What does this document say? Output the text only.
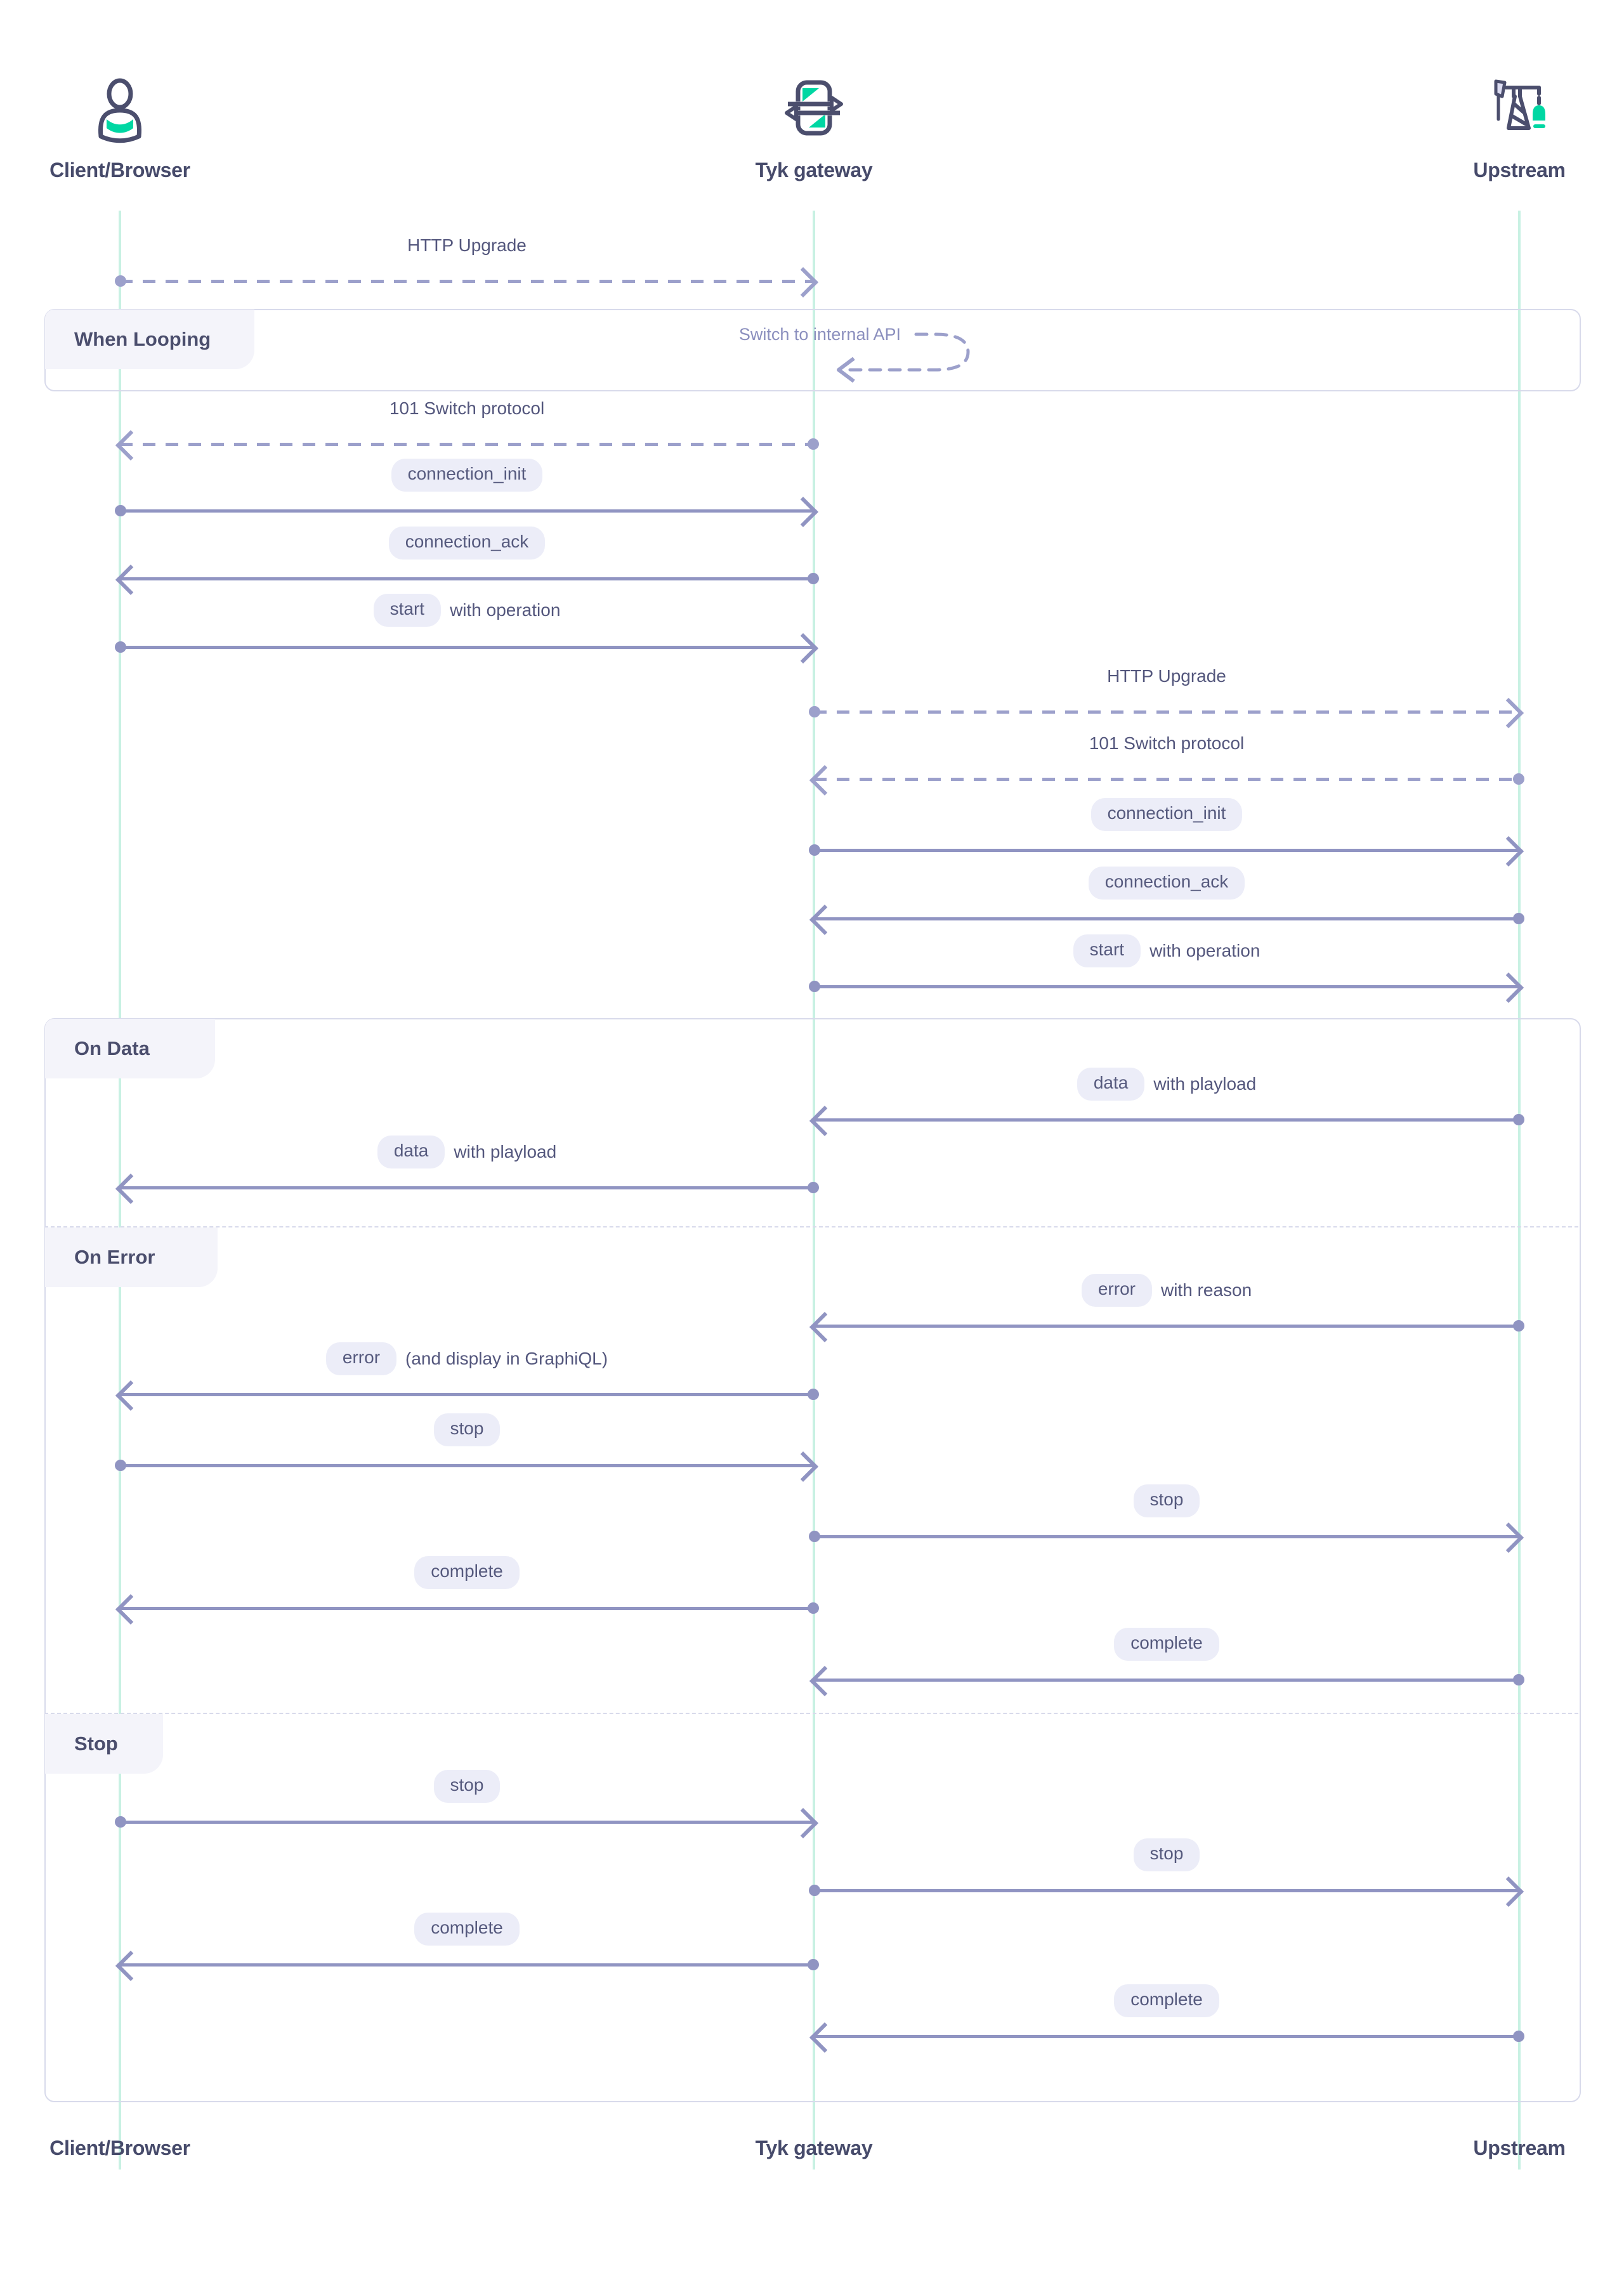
Client/Browser	Tyk gateway	Upstream
When Looping	Switch to internal API
On Data
On Error
Stop
HTTP Upgrade
101 Switch protocol
connection_init
connection_ack
start	with operation
HTTP Upgrade
101 Switch protocol
connection_init
connection_ack
start	with operation
data	with playload
data	with playload
error	with reason
error	(and display in GraphiQL)
stop
stop
complete
complete
stop
stop
complete
complete
Client/Browser	Tyk gateway	Upstream
